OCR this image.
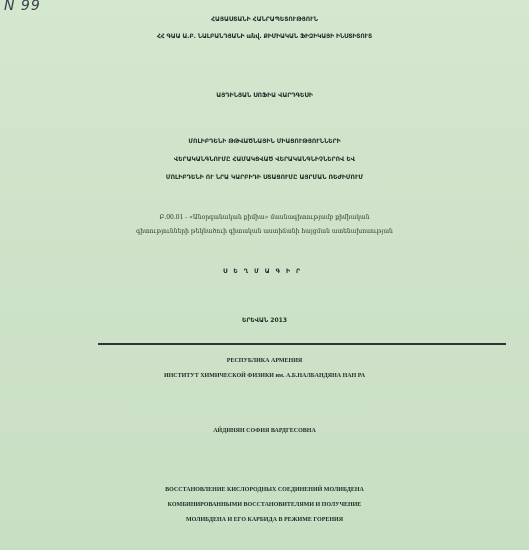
N 99
ՀԱՅԱՍՏԱՆԻ ՀԱՆՐԱՊԵՏՈՒԹՅՈՒՆ
ՀՀ ԳԱԱ Ա.Բ. ՆԱԼԲԱՆԴՅԱՆԻ անվ. ՔԻՄԻԱԿԱՆ ՖԻԶԻԿԱՅԻ ԻՆՍՏԻՏՈՒՏ
ԱՅԴԻՆՅԱՆ ՍՈՖԻԱ ՎԱՐԴԳԵՍԻ
ՄՈԼԻԲԴԵՆԻ ԹԹՎԱԾՆԱՅԻՆ ՄԻԱՑՈՒԹՅՈՒՆՆԵՐԻ
ՎԵՐԱԿԱՆԳՆՈՒՄԸ ՀԱՄԱԿՑՎԱԾ ՎԵՐԱԿԱՆԳՆԻՉՆԵՐՈՎ ԵՎ
ՄՈԼԻԲԴԵՆԻ ՈՒ ՆՐԱ ԿԱՐԲԻԴԻ ՍՏԱՑՈՒՄԸ ԱՅՐՄԱՆ ՌԵԺԻՄՈՒՄ
Բ.00.01 - «Անօրգանական քիմիա» մասնագիտությամբ քիմիական
գիտությունների թեկնածուի գիտական աստիճանի հայցման ատենախոսության
ՍԵՂՄԱԳԻՐ
ԵՐԵՎԱՆ 2013
РЕСПУБЛИКА АРМЕНИЯ
ИНСТИТУТ ХИМИЧЕСКОЙ ФИЗИКИ им. А.Б.НАЛБАНДЯНА НАН РА
АЙДИНЯН СОФИЯ ВАРДГЕСОВНА
ВОССТАНОВЛЕНИЕ КИСЛОРОДНЫХ СОЕДИНЕНИЙ МОЛИБДЕНА
КОМБИНИРОВАННЫМИ ВОССТАНОВИТЕЛЯМИ И ПОЛУЧЕНИЕ
МОЛИБДЕНА И ЕГО КАРБИДА В РЕЖИМЕ ГОРЕНИЯ
